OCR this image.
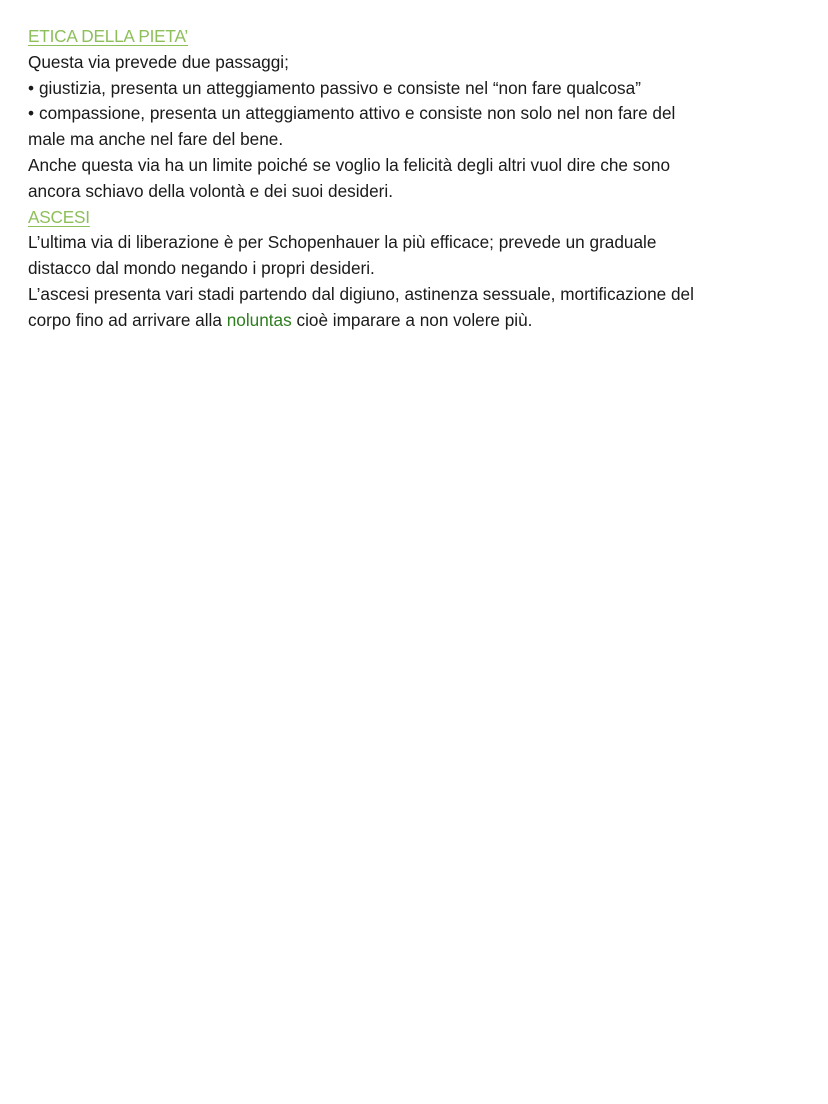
ETICA DELLA PIETA’
Questa via prevede due passaggi;
• giustizia, presenta un atteggiamento passivo e consiste nel “non fare qualcosa”
• compassione, presenta un atteggiamento attivo e consiste non solo nel non fare del
male ma anche nel fare del bene.
Anche questa via ha un limite poiché se voglio la felicità degli altri vuol dire che sono
ancora schiavo della volontà e dei suoi desideri.
ASCESI
L’ultima via di liberazione è per Schopenhauer la più efficace; prevede un graduale
distacco dal mondo negando i propri desideri.
L’ascesi presenta vari stadi partendo dal digiuno, astinenza sessuale, mortificazione del
corpo fino ad arrivare alla noluntas cioè imparare a non volere più.
